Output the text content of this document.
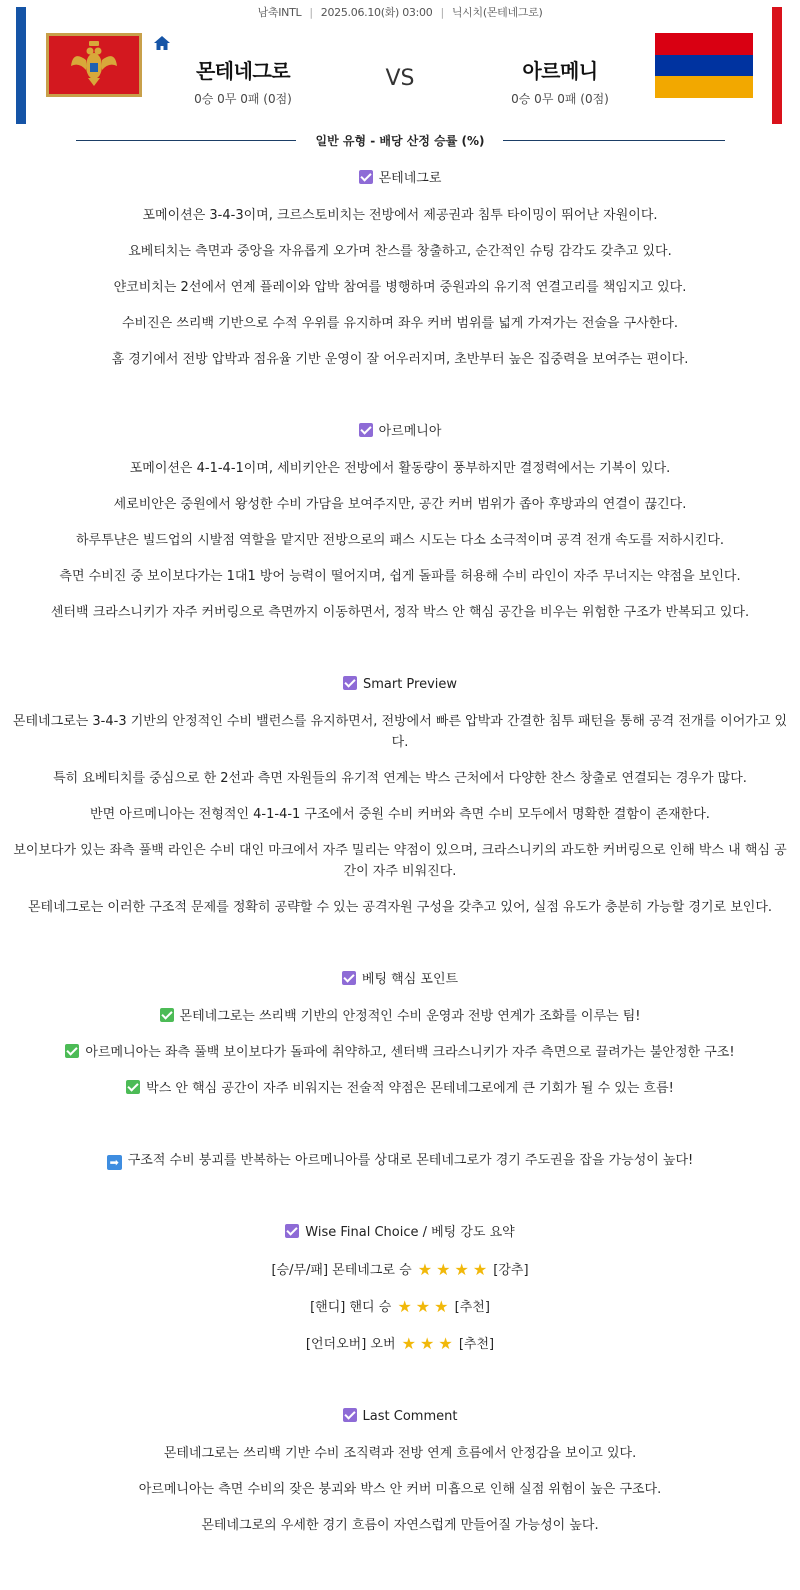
남축INTL | 2025.06.10(화) 03:00 | 닉시치(몬테네그로)
몬테네그로
0승 0무 0패 (0점)
VS	아르메니
0승 0무 0패 (0점)
일반 유형 - 배당 산정 승률 (%)
몬테네그로

포메이션은 3-4-3이며, 크르스토비치는 전방에서 제공권과 침투 타이밍이 뛰어난 자원이다.

요베티치는 측면과 중앙을 자유롭게 오가며 찬스를 창출하고, 순간적인 슈팅 감각도 갖추고 있다.

얀코비치는 2선에서 연계 플레이와 압박 참여를 병행하며 중원과의 유기적 연결고리를 책임지고 있다.

수비진은 쓰리백 기반으로 수적 우위를 유지하며 좌우 커버 범위를 넓게 가져가는 전술을 구사한다.

홈 경기에서 전방 압박과 점유율 기반 운영이 잘 어우러지며, 초반부터 높은 집중력을 보여주는 편이다.

아르메니아

포메이션은 4-1-4-1이며, 세비키안은 전방에서 활동량이 풍부하지만 결정력에서는 기복이 있다.

세로비안은 중원에서 왕성한 수비 가담을 보여주지만, 공간 커버 범위가 좁아 후방과의 연결이 끊긴다.

하루투냔은 빌드업의 시발점 역할을 맡지만 전방으로의 패스 시도는 다소 소극적이며 공격 전개 속도를 저하시킨다.

측면 수비진 중 보이보다가는 1대1 방어 능력이 떨어지며, 쉽게 돌파를 허용해 수비 라인이 자주 무너지는 약점을 보인다.

센터백 크라스니키가 자주 커버링으로 측면까지 이동하면서, 정작 박스 안 핵심 공간을 비우는 위험한 구조가 반복되고 있다.

Smart Preview

몬테네그로는 3-4-3 기반의 안정적인 수비 밸런스를 유지하면서, 전방에서 빠른 압박과 간결한 침투 패턴을 통해 공격 전개를 이어가고 있다.

특히 요베티치를 중심으로 한 2선과 측면 자원들의 유기적 연계는 박스 근처에서 다양한 찬스 창출로 연결되는 경우가 많다.

반면 아르메니아는 전형적인 4-1-4-1 구조에서 중원 수비 커버와 측면 수비 모두에서 명확한 결함이 존재한다.

보이보다가 있는 좌측 풀백 라인은 수비 대인 마크에서 자주 밀리는 약점이 있으며, 크라스니키의 과도한 커버링으로 인해 박스 내 핵심 공간이 자주 비워진다.

몬테네그로는 이러한 구조적 문제를 정확히 공략할 수 있는 공격자원 구성을 갖추고 있어, 실점 유도가 충분히 가능할 경기로 보인다.

베팅 핵심 포인트

몬테네그로는 쓰리백 기반의 안정적인 수비 운영과 전방 연계가 조화를 이루는 팀!

아르메니아는 좌측 풀백 보이보다가 돌파에 취약하고, 센터백 크라스니키가 자주 측면으로 끌려가는 불안정한 구조!

박스 안 핵심 공간이 자주 비워지는 전술적 약점은 몬테네그로에게 큰 기회가 될 수 있는 흐름!

➡ 구조적 수비 붕괴를 반복하는 아르메니아를 상대로 몬테네그로가 경기 주도권을 잡을 가능성이 높다!

Wise Final Choice / 베팅 강도 요약

[승/무/패] 몬테네그로 승 ★ ★ ★ ★ [강추]

[핸디] 핸디 승 ★ ★ ★ [추천]

[언더오버] 오버 ★ ★ ★ [추천]

Last Comment

몬테네그로는 쓰리백 기반 수비 조직력과 전방 연계 흐름에서 안정감을 보이고 있다.

아르메니아는 측면 수비의 잦은 붕괴와 박스 안 커버 미흡으로 인해 실점 위험이 높은 구조다.

몬테네그로의 우세한 경기 흐름이 자연스럽게 만들어질 가능성이 높다.
